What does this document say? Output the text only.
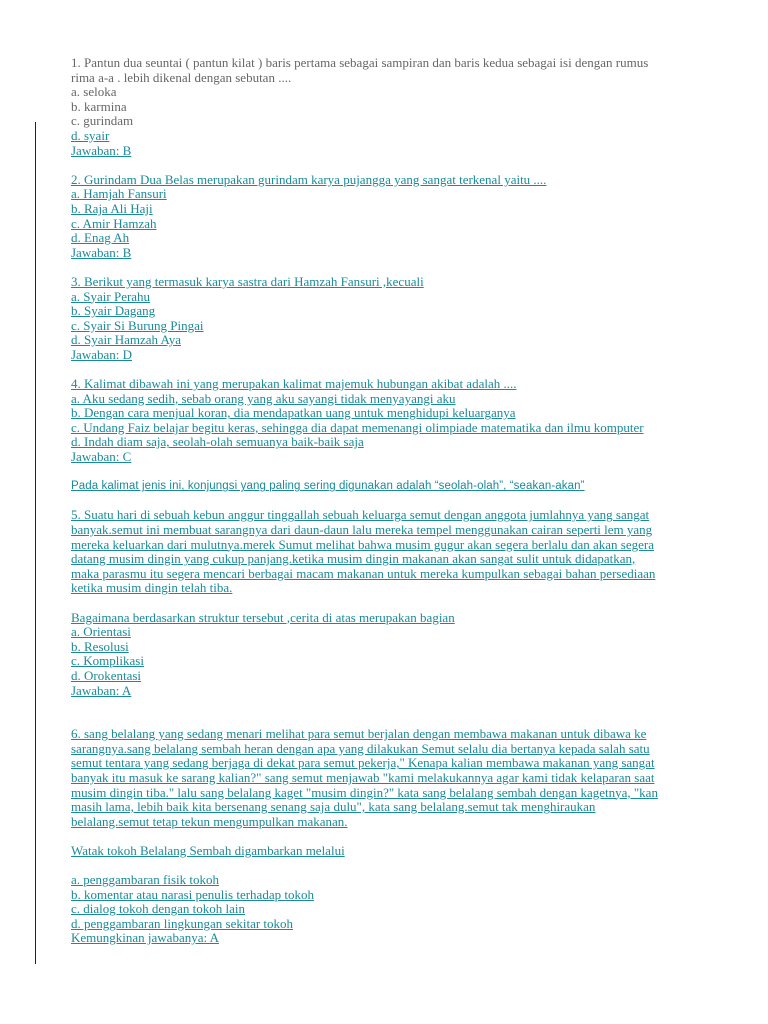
1. Pantun dua seuntai ( pantun kilat ) baris pertama sebagai sampiran dan baris kedua sebagai isi dengan rumus
rima a-a . lebih dikenal dengan sebutan ....
a. seloka
b. karmina
c. gurindam
d. syair
Jawaban: B
2. Gurindam Dua Belas merupakan gurindam karya pujangga yang sangat terkenal yaitu ....
a. Hamjah Fansuri
b. Raja Ali Haji
c. Amir Hamzah
d. Enag Ah
Jawaban: B
3. Berikut yang termasuk karya sastra dari Hamzah Fansuri ,kecuali
a. Syair Perahu
b. Syair Dagang
c. Syair Si Burung Pingai
d. Syair Hamzah Aya
Jawaban: D
4. Kalimat dibawah ini yang merupakan kalimat majemuk hubungan akibat adalah ....
a. Aku sedang sedih, sebab orang yang aku sayangi tidak menyayangi aku
b. Dengan cara menjual koran, dia mendapatkan uang untuk menghidupi keluarganya
c. Undang Faiz belajar begitu keras, sehingga dia dapat memenangi olimpiade matematika dan ilmu komputer
d. Indah diam saja, seolah-olah semuanya baik-baik saja
Jawaban: C
Pada kalimat jenis ini, konjungsi yang paling sering digunakan adalah “seolah-olah”, “seakan-akan”
5. Suatu hari di sebuah kebun anggur tinggallah sebuah keluarga semut dengan anggota jumlahnya yang sangat
banyak.semut ini membuat sarangnya dari daun-daun lalu mereka tempel menggunakan cairan seperti lem yang
mereka keluarkan dari mulutnya.merek Sumut melihat bahwa musim gugur akan segera berlalu dan akan segera
datang musim dingin yang cukup panjang.ketika musim dingin makanan akan sangat sulit untuk didapatkan,
maka parasmu itu segera mencari berbagai macam makanan untuk mereka kumpulkan sebagai bahan persediaan
ketika musim dingin telah tiba.
Bagaimana berdasarkan struktur tersebut ,cerita di atas merupakan bagian
a. Orientasi
b. Resolusi
c. Komplikasi
d. Orokentasi
Jawaban: A
6. sang belalang yang sedang menari melihat para semut berjalan dengan membawa makanan untuk dibawa ke
sarangnya.sang belalang sembah heran dengan apa yang dilakukan Semut selalu dia bertanya kepada salah satu
semut tentara yang sedang berjaga di dekat para semut pekerja," Kenapa kalian membawa makanan yang sangat
banyak itu masuk ke sarang kalian?" sang semut menjawab "kami melakukannya agar kami tidak kelaparan saat
musim dingin tiba." lalu sang belalang kaget "musim dingin?" kata sang belalang sembah dengan kagetnya, "kan
masih lama, lebih baik kita bersenang senang saja dulu", kata sang belalang.semut tak menghiraukan
belalang.semut tetap tekun mengumpulkan makanan.
Watak tokoh Belalang Sembah digambarkan melalui
a. penggambaran fisik tokoh
b. komentar atau narasi penulis terhadap tokoh
c. dialog tokoh dengan tokoh lain
d. penggambaran lingkungan sekitar tokoh
Kemungkinan jawabanya: A
